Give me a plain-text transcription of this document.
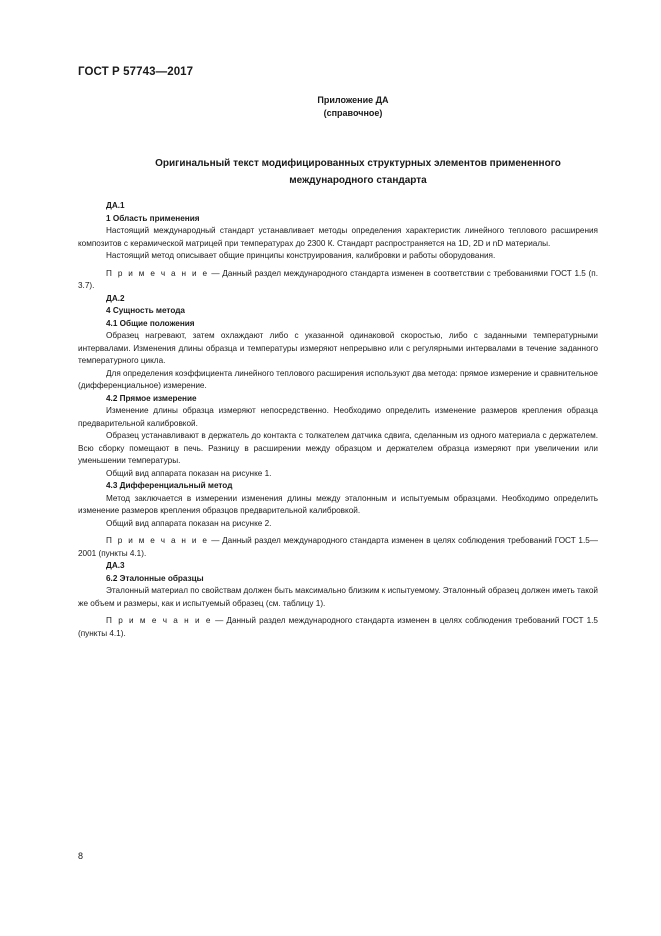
ГОСТ Р 57743—2017
Приложение ДА
(справочное)
Оригинальный текст модифицированных структурных элементов примененного
международного стандарта

ДА.1

1 Область применения

Настоящий международный стандарт устанавливает методы определения характеристик линейного теплового расширения композитов с керамической матрицей при температурах до 2300 К. Стандарт распространяется на 1D, 2D и nD материалы.

Настоящий метод описывает общие принципы конструирования, калибровки и работы оборудования.

П р и м е ч а н и е — Данный раздел международного стандарта изменен в соответствии с требованиями ГОСТ 1.5 (п. 3.7).

ДА.2

4 Сущность метода

4.1 Общие положения

Образец нагревают, затем охлаждают либо с указанной одинаковой скоростью, либо с заданными температурными интервалами. Изменения длины образца и температуры измеряют непрерывно или с регулярными интервалами в течение заданного температурного цикла.

Для определения коэффициента линейного теплового расширения используют два метода: прямое измерение и сравнительное (дифференциальное) измерение.

4.2 Прямое измерение

Изменение длины образца измеряют непосредственно. Необходимо определить изменение размеров крепления образца предварительной калибровкой.

Образец устанавливают в держатель до контакта с толкателем датчика сдвига, сделанным из одного материала с держателем. Всю сборку помещают в печь. Разницу в расширении между образцом и держателем образца измеряют при увеличении или уменьшении температуры.

Общий вид аппарата показан на рисунке 1.

4.3 Дифференциальный метод

Метод заключается в измерении изменения длины между эталонным и испытуемым образцами. Необходимо определить изменение размеров крепления образцов предварительной калибровкой.

Общий вид аппарата показан на рисунке 2.

П р и м е ч а н и е — Данный раздел международного стандарта изменен в целях соблюдения требований ГОСТ 1.5—2001 (пункты 4.1).

ДА.3

6.2 Эталонные образцы

Эталонный материал по свойствам должен быть максимально близким к испытуемому. Эталонный образец должен иметь такой же объем и размеры, как и испытуемый образец (см. таблицу 1).

П р и м е ч а н и е — Данный раздел международного стандарта изменен в целях соблюдения требований ГОСТ 1.5 (пункты 4.1).

8
